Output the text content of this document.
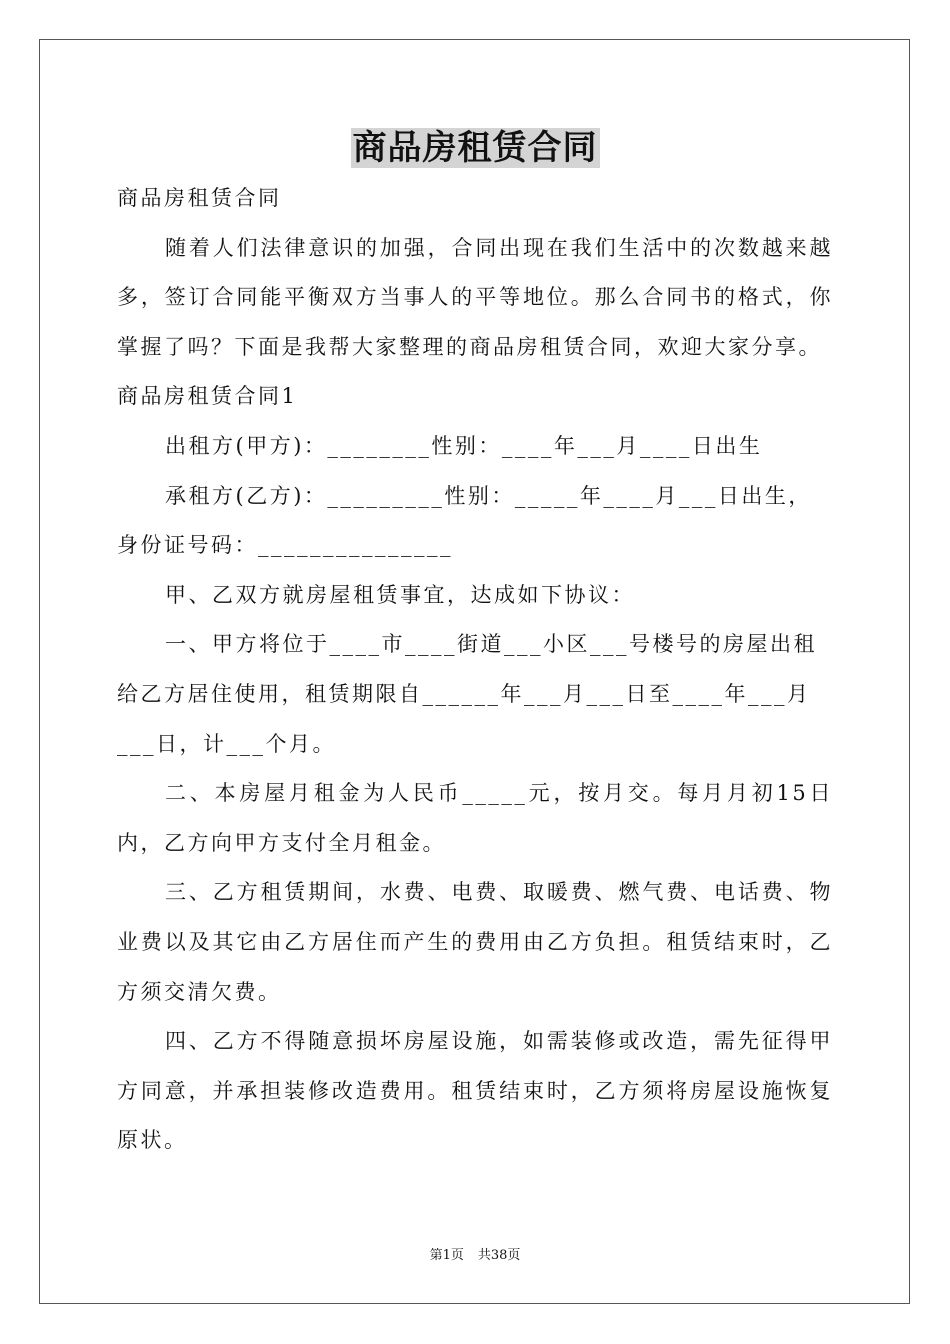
商品房租赁合同

商品房租赁合同

随着人们法律意识的加强，合同出现在我们生活中的次数越来越多，签订合同能平衡双方当事人的平等地位。那么合同书的格式，你掌握了吗？下面是我帮大家整理的商品房租赁合同，欢迎大家分享。

商品房租赁合同1

出租方(甲方)：________性别：____年___月____日出生

承租方(乙方)：_________性别：_____年____月___日出生，身份证号码：_______________

甲、乙双方就房屋租赁事宜，达成如下协议：

一、甲方将位于____市____街道___小区___号楼号的房屋出租给乙方居住使用，租赁期限自______年___月___日至____年___月___日，计___个月。

二、本房屋月租金为人民币_____元，按月交。每月月初15日内，乙方向甲方支付全月租金。

三、乙方租赁期间，水费、电费、取暖费、燃气费、电话费、物业费以及其它由乙方居住而产生的费用由乙方负担。租赁结束时，乙方须交清欠费。

四、乙方不得随意损坏房屋设施，如需装修或改造，需先征得甲方同意，并承担装修改造费用。租赁结束时，乙方须将房屋设施恢复原状。

第1页 共38页
